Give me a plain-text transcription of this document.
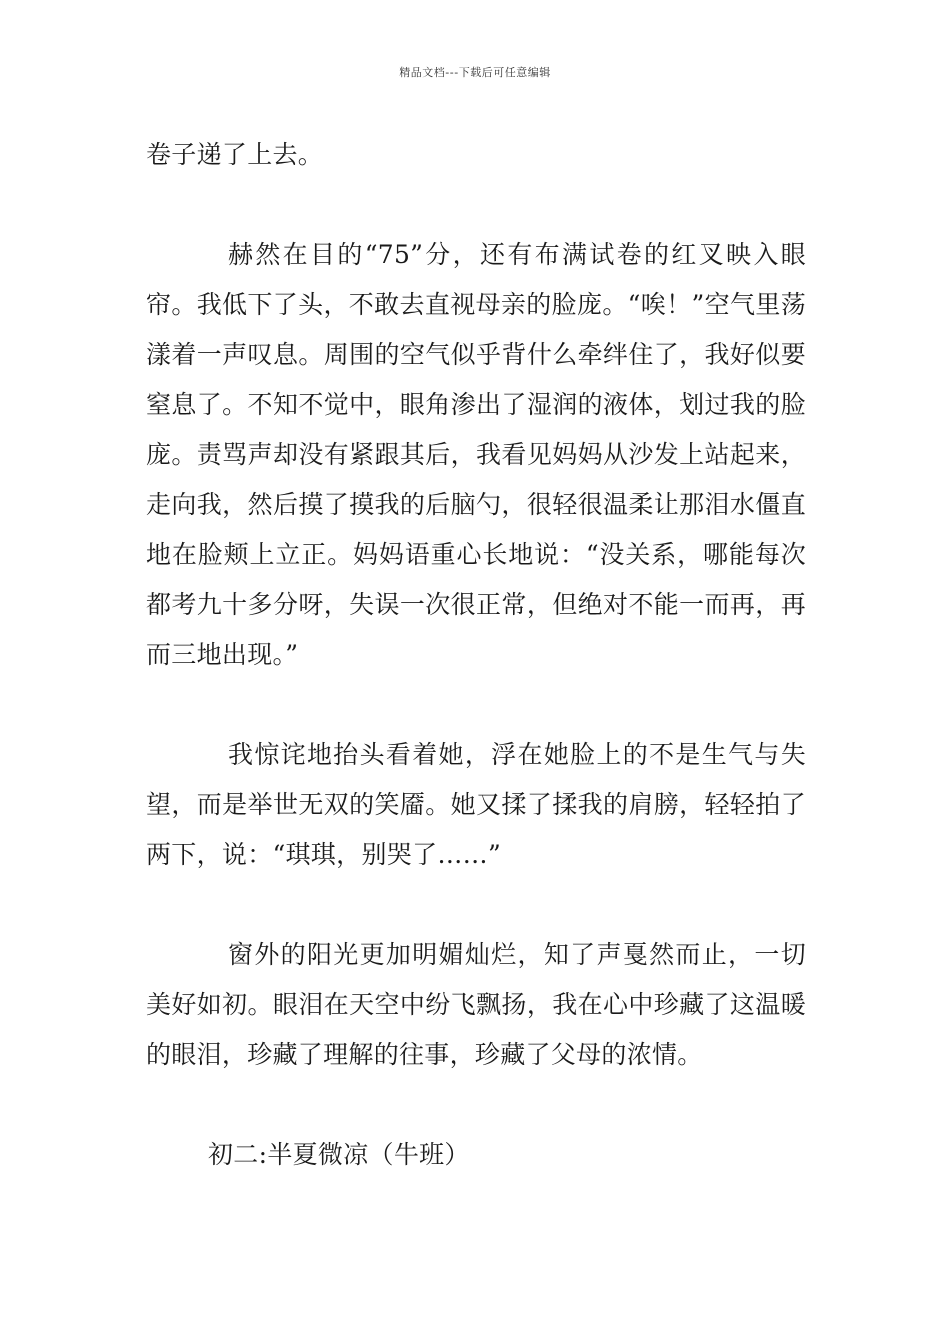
精品文档---下载后可任意编辑

卷子递了上去。

赫然在目的“75”分，还有布满试卷的红叉映入眼帘。我低下了头，不敢去直视母亲的脸庞。“唉！”空气里荡漾着一声叹息。周围的空气似乎背什么牵绊住了，我好似要窒息了。不知不觉中，眼角渗出了湿润的液体，划过我的脸庞。责骂声却没有紧跟其后，我看见妈妈从沙发上站起来，走向我，然后摸了摸我的后脑勺，很轻很温柔让那泪水僵直地在脸颊上立正。妈妈语重心长地说：“没关系，哪能每次都考九十多分呀，失误一次很正常，但绝对不能一而再，再而三地出现。”

我惊诧地抬头看着她，浮在她脸上的不是生气与失望，而是举世无双的笑靥。她又揉了揉我的肩膀，轻轻拍了两下，说：“琪琪，别哭了……”

窗外的阳光更加明媚灿烂，知了声戛然而止，一切美好如初。眼泪在天空中纷飞飘扬，我在心中珍藏了这温暖的眼泪，珍藏了理解的往事，珍藏了父母的浓情。

初二:半夏微凉（牛班）
